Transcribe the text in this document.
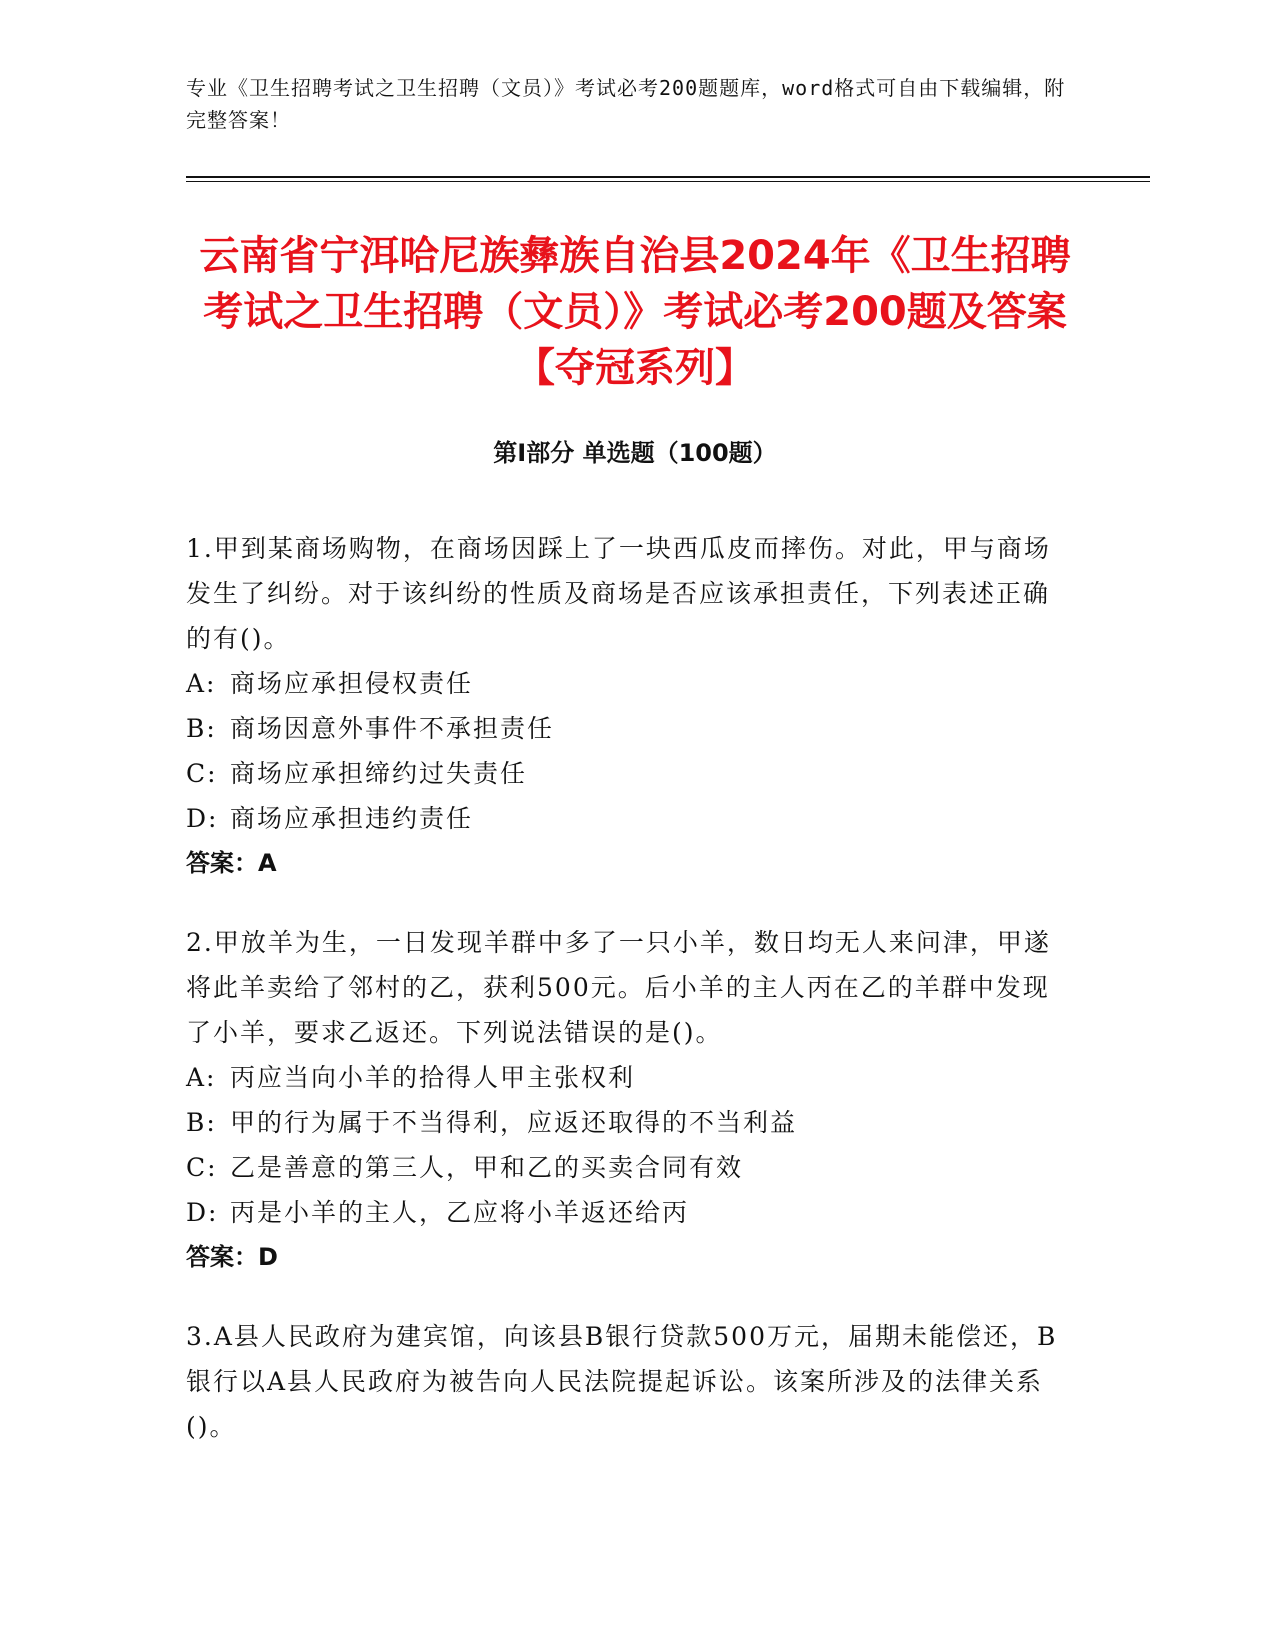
专业《卫生招聘考试之卫生招聘（文员）》考试必考200题题库，word格式可自由下载编辑，附完整答案！
云南省宁洱哈尼族彝族自治县2024年《卫生招聘考试之卫生招聘（文员）》考试必考200题及答案【夺冠系列】
第Ⅰ部分 单选题（100题）
1.甲到某商场购物，在商场因踩上了一块西瓜皮而摔伤。对此，甲与商场发生了纠纷。对于该纠纷的性质及商场是否应该承担责任，下列表述正确的有()。
A: 商场应承担侵权责任
B: 商场因意外事件不承担责任
C: 商场应承担缔约过失责任
D: 商场应承担违约责任
答案：A
2.甲放羊为生，一日发现羊群中多了一只小羊，数日均无人来问津，甲遂将此羊卖给了邻村的乙，获利500元。后小羊的主人丙在乙的羊群中发现了小羊，要求乙返还。下列说法错误的是()。
A: 丙应当向小羊的拾得人甲主张权利
B: 甲的行为属于不当得利，应返还取得的不当利益
C: 乙是善意的第三人，甲和乙的买卖合同有效
D: 丙是小羊的主人，乙应将小羊返还给丙
答案：D
3.A县人民政府为建宾馆，向该县B银行贷款500万元，届期未能偿还，B银行以A县人民政府为被告向人民法院提起诉讼。该案所涉及的法律关系()。
